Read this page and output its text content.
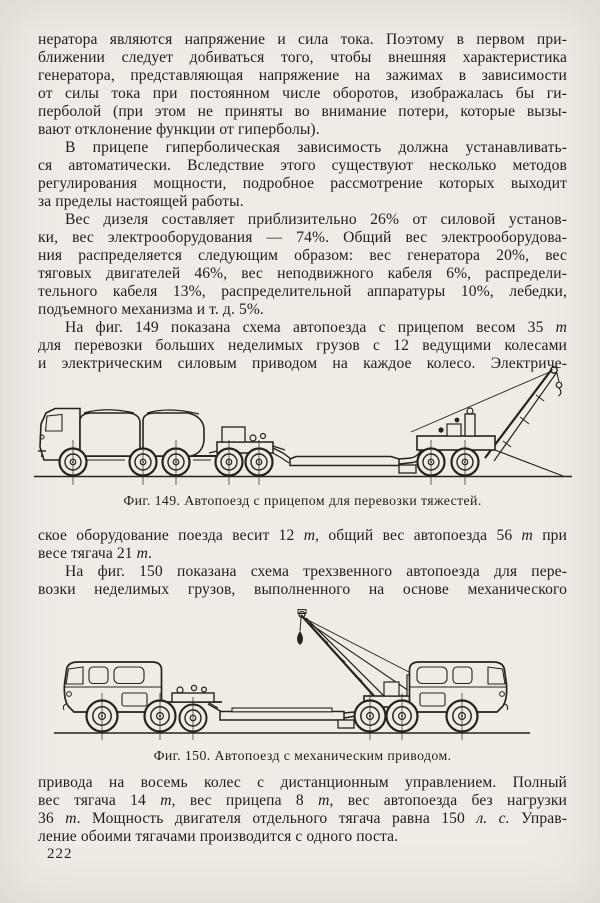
нератора являются напряжение и сила тока. Поэтому в первом при-
ближении следует добиваться того, чтобы внешняя характеристика
генератора, представляющая напряжение на зажимах в зависимости
от силы тока при постоянном числе оборотов, изображалась бы ги-
перболой (при этом не приняты во внимание потери, которые вызы-
вают отклонение функции от гиперболы).
В прицепе гиперболическая зависимость должна устанавливать-
ся автоматически. Вследствие этого существуют несколько методов
регулирования мощности, подробное рассмотрение которых выходит
за пределы настоящей работы.
Вес дизеля составляет приблизительно 26% от силовой установ-
ки, вес электрооборудования — 74%. Общий вес электрооборудова-
ния распределяется следующим образом: вес генератора 20%, вес
тяговых двигателей 46%, вес неподвижного кабеля 6%, распредели-
тельного кабеля 13%, распределительной аппаратуры 10%, лебедки,
подъемного механизма и т. д. 5%.
На фиг. 149 показана схема автопоезда с прицепом весом 35 т
для перевозки больших неделимых грузов с 12 ведущими колесами
и электрическим силовым приводом на каждое колесо. Электриче-
Фиг. 149. Автопоезд с прицепом для перевозки тяжестей.
ское оборудование поезда весит 12 т, общий вес автопоезда 56 т при
весе тягача 21 т.
На фиг. 150 показана схема трехзвенного автопоезда для пере-
возки неделимых грузов, выполненного на основе механического
Фиг. 150. Автопоезд с механическим приводом.
привода на восемь колес с дистанционным управлением. Полный
вес тягача 14 т, вес прицепа 8 т, вес автопоезда без нагрузки
36 т. Мощность двигателя отдельного тягача равна 150 л. с. Управ-
ление обоими тягачами производится с одного поста.
222
